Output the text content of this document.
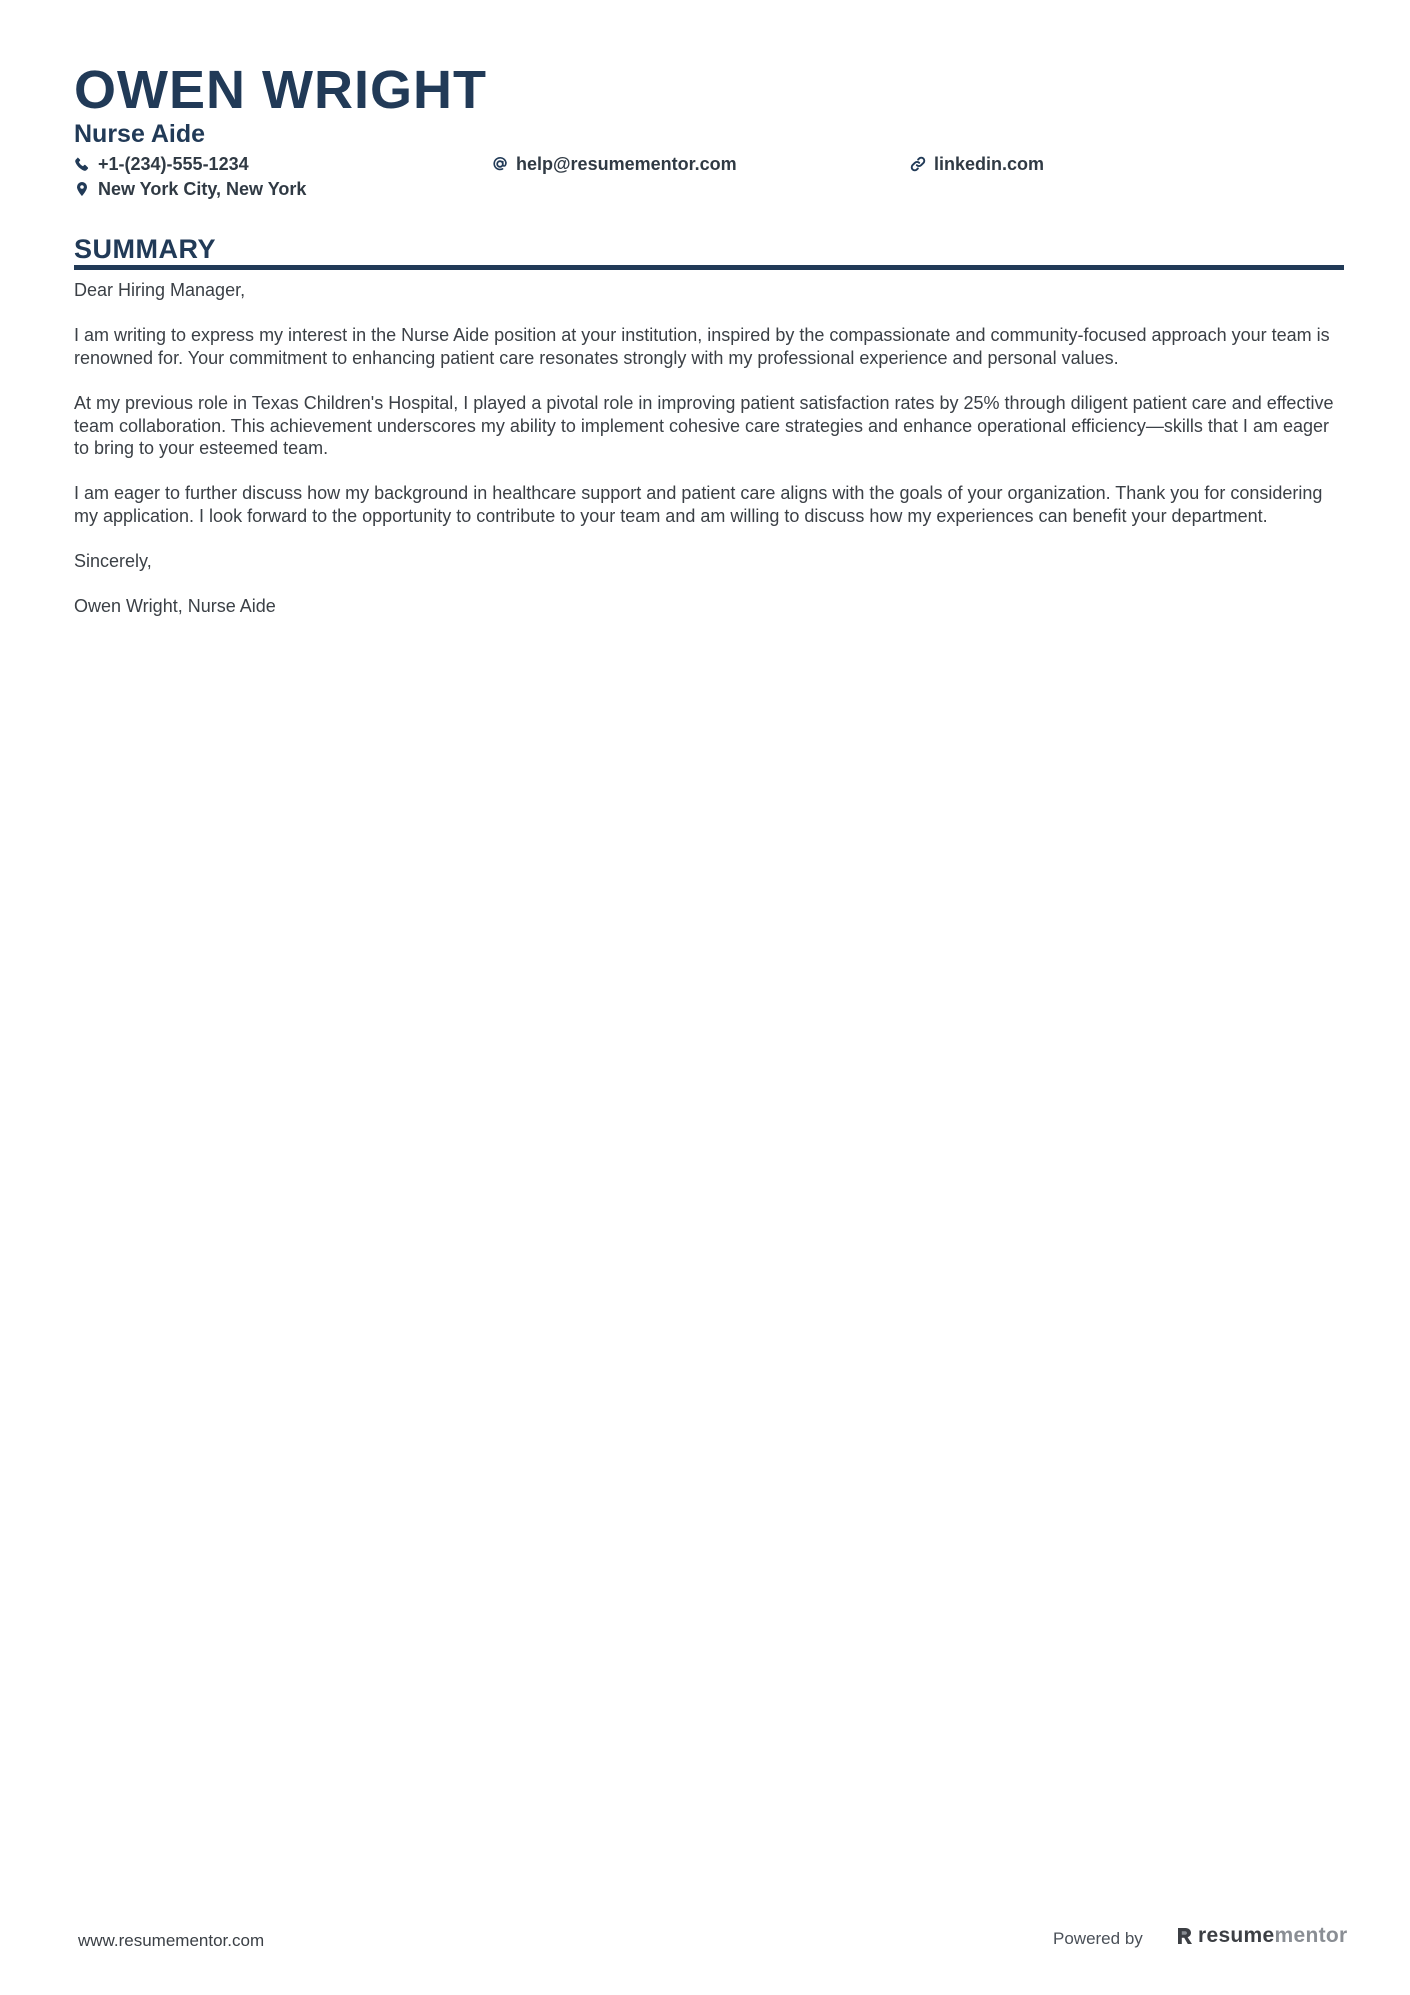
OWEN WRIGHT
Nurse Aide
+1-(234)-555-1234	help@resumementor.com	linkedin.com
New York City, New York
SUMMARY

Dear Hiring Manager,

I am writing to express my interest in the Nurse Aide position at your institution, inspired by the compassionate and community-focused approach your team is renowned for. Your commitment to enhancing patient care resonates strongly with my professional experience and personal values.

At my previous role in Texas Children's Hospital, I played a pivotal role in improving patient satisfaction rates by 25% through diligent patient care and effective team collaboration. This achievement underscores my ability to implement cohesive care strategies and enhance operational efficiency—skills that I am eager to bring to your esteemed team.

I am eager to further discuss how my background in healthcare support and patient care aligns with the goals of your organization. Thank you for considering my application. I look forward to the opportunity to contribute to your team and am willing to discuss how my experiences can benefit your department.

Sincerely,

Owen Wright, Nurse Aide

www.resumementor.com	Powered by	resume mentor
